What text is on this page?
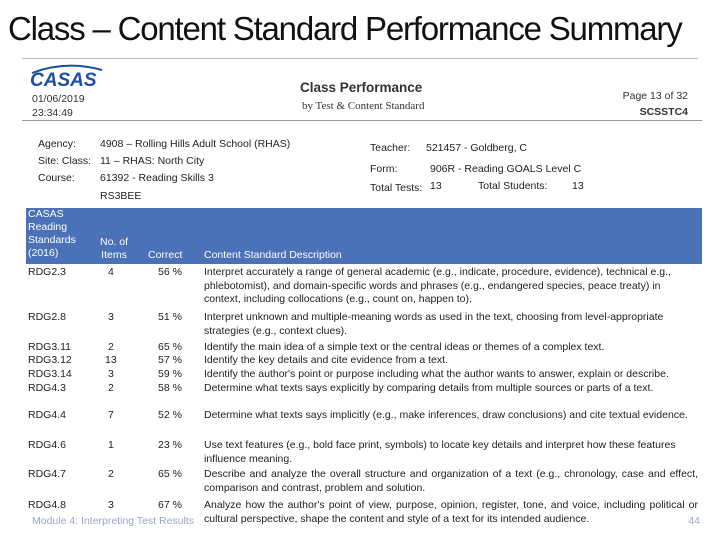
Class – Content Standard Performance Summary
CASAS
01/06/2019
23:34:49
Class Performance
by Test & Content Standard
Page 13 of 32
SCSSTC4
Agency: 4908 – Rolling Hills Adult School (RHAS)
Site: Class: 11 – RHAS: North City
Course: 61392 - Reading Skills 3
RS3BEE
Teacher: 521457 - Goldberg, C
Form:	906R - Reading GOALS Level C
Total Tests: 13	Total Students: 13
CASAS Reading Standards (2016)
No. of Items	Correct Content Standard Description
RDG2.3	4	56 % Interpret accurately a range of general academic (e.g., indicate, procedure, evidence), technical e.g., phlebotomist), and domain-specific words and phrases (e.g., endangered species, peace treaty) in context, including collocations (e.g., count on, happen to).
RDG2.8	3	51 % Interpret unknown and multiple-meaning words as used in the text, choosing from level-appropriate strategies (e.g., context clues).
RDG3.11	2	65 % Identify the main idea of a simple text or the central ideas or themes of a complex text.
RDG3.12	13	57 % Identify the key details and cite evidence from a text.
RDG3.14	3	59 % Identify the author's point or purpose including what the author wants to answer, explain or describe.
RDG4.3	2	58 % Determine what texts says explicitly by comparing details from multiple sources or parts of a text.
RDG4.4	7	52 % Determine what texts says implicitly (e.g., make inferences, draw conclusions) and cite textual evidence.
RDG4.6	1	23 % Use text features (e.g., bold face print, symbols) to locate key details and interpret how these features influence meaning.
RDG4.7	2	65 % Describe and analyze the overall structure and organization of a text (e.g., chronology, case and effect, comparison and contrast, problem and solution.
RDG4.8	3	67 % Analyze how the author's point of view, purpose, opinion, register, tone, and voice, including political or cultural perspective, shape the content and style of a text for its intended audience.
Module 4: Interpreting Test Results	44
